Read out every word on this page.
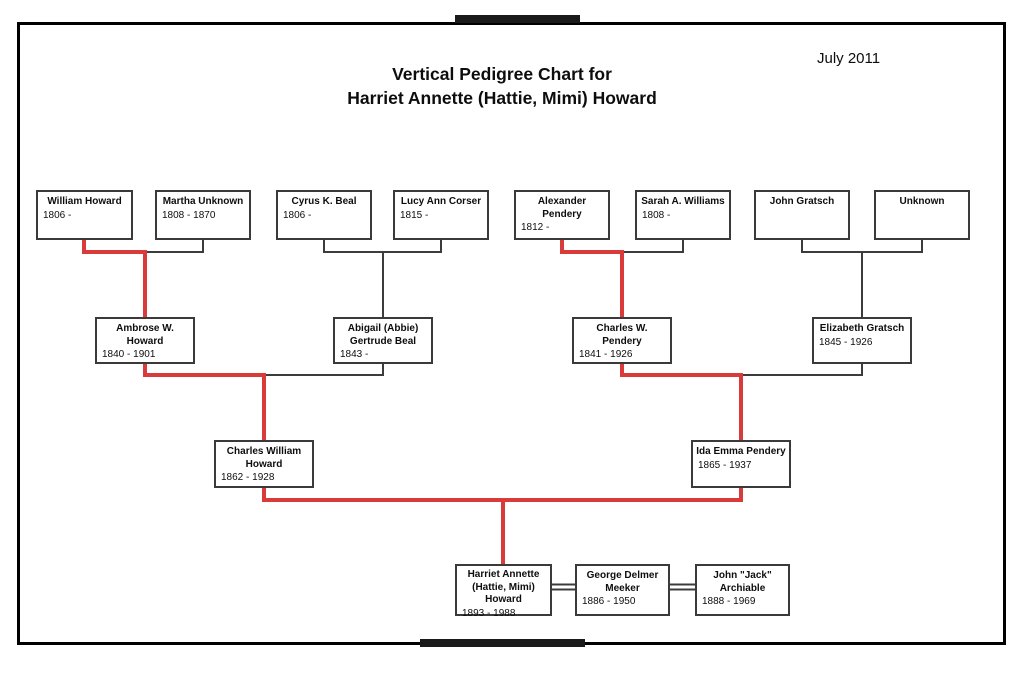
Vertical Pedigree Chart for
Harriet Annette (Hattie, Mimi) Howard
July 2011
William Howard
1806 -
Martha Unknown
1808 - 1870
Cyrus K. Beal
1806 -
Lucy Ann Corser
1815 -
Alexander Pendery
1812 -
Sarah A. Williams
1808 -
John Gratsch	Unknown
Ambrose W. Howard
1840 - 1901
Abigail (Abbie) Gertrude Beal
1843 -
Charles W. Pendery
1841 - 1926
Elizabeth Gratsch
1845 - 1926
Charles William Howard
1862 - 1928
Ida Emma Pendery
1865 - 1937
Harriet Annette (Hattie, Mimi) Howard
1893 - 1988
George Delmer Meeker
1886 - 1950
John "Jack" Archiable
1888 - 1969
